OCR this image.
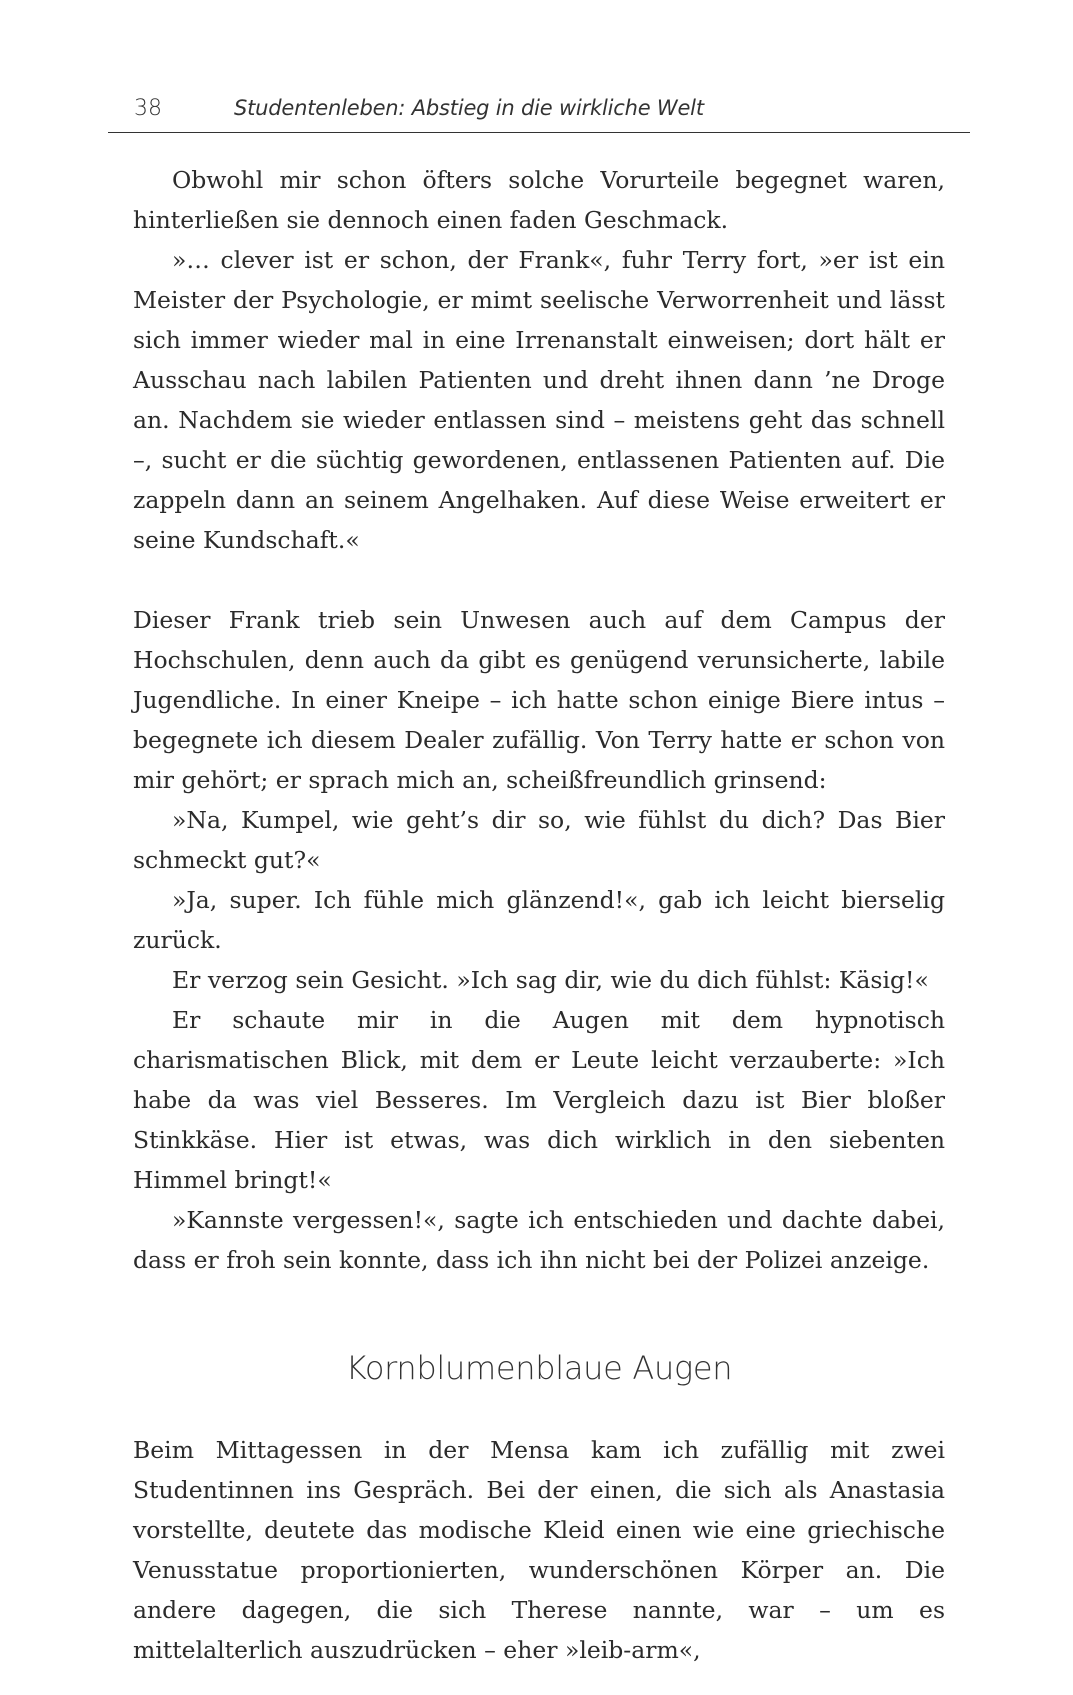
38	Studentenleben: Abstieg in die wirkliche Welt

Obwohl mir schon öfters solche Vorurteile begegnet waren, hinterließen sie dennoch einen faden Geschmack.

»… clever ist er schon, der Frank«, fuhr Terry fort, »er ist ein Meister der Psychologie, er mimt seelische Verworrenheit und lässt sich immer wieder mal in eine Irrenanstalt einweisen; dort hält er Ausschau nach labilen Patienten und dreht ihnen dann ’ne Droge an. Nachdem sie wieder entlassen sind – meistens geht das schnell –, sucht er die süchtig gewordenen, entlassenen Patienten auf. Die zappeln dann an seinem Angelhaken. Auf diese Weise erweitert er seine Kundschaft.«

Dieser Frank trieb sein Unwesen auch auf dem Campus der Hochschulen, denn auch da gibt es genügend verunsicherte, labile Jugendliche. In einer Kneipe – ich hatte schon einige Biere intus – begegnete ich diesem Dealer zufällig. Von Terry hatte er schon von mir gehört; er sprach mich an, scheißfreundlich grinsend:

»Na, Kumpel, wie geht’s dir so, wie fühlst du dich? Das Bier schmeckt gut?«

»Ja, super. Ich fühle mich glänzend!«, gab ich leicht bierselig zurück.

Er verzog sein Gesicht. »Ich sag dir, wie du dich fühlst: Käsig!«

Er schaute mir in die Augen mit dem hypnotisch charismatischen Blick, mit dem er Leute leicht verzauberte: »Ich habe da was viel Besseres. Im Vergleich dazu ist Bier bloßer Stinkkäse. Hier ist etwas, was dich wirklich in den siebenten Himmel bringt!«

»Kannste vergessen!«, sagte ich entschieden und dachte dabei, dass er froh sein konnte, dass ich ihn nicht bei der Polizei anzeige.

Kornblumenblaue Augen

Beim Mittagessen in der Mensa kam ich zufällig mit zwei Studentinnen ins Gespräch. Bei der einen, die sich als Anastasia vorstellte, deutete das modische Kleid einen wie eine griechische Venusstatue proportionierten, wunderschönen Körper an. Die andere dagegen, die sich Therese nannte, war – um es mittelalterlich auszudrücken – eher »leib-arm«,
